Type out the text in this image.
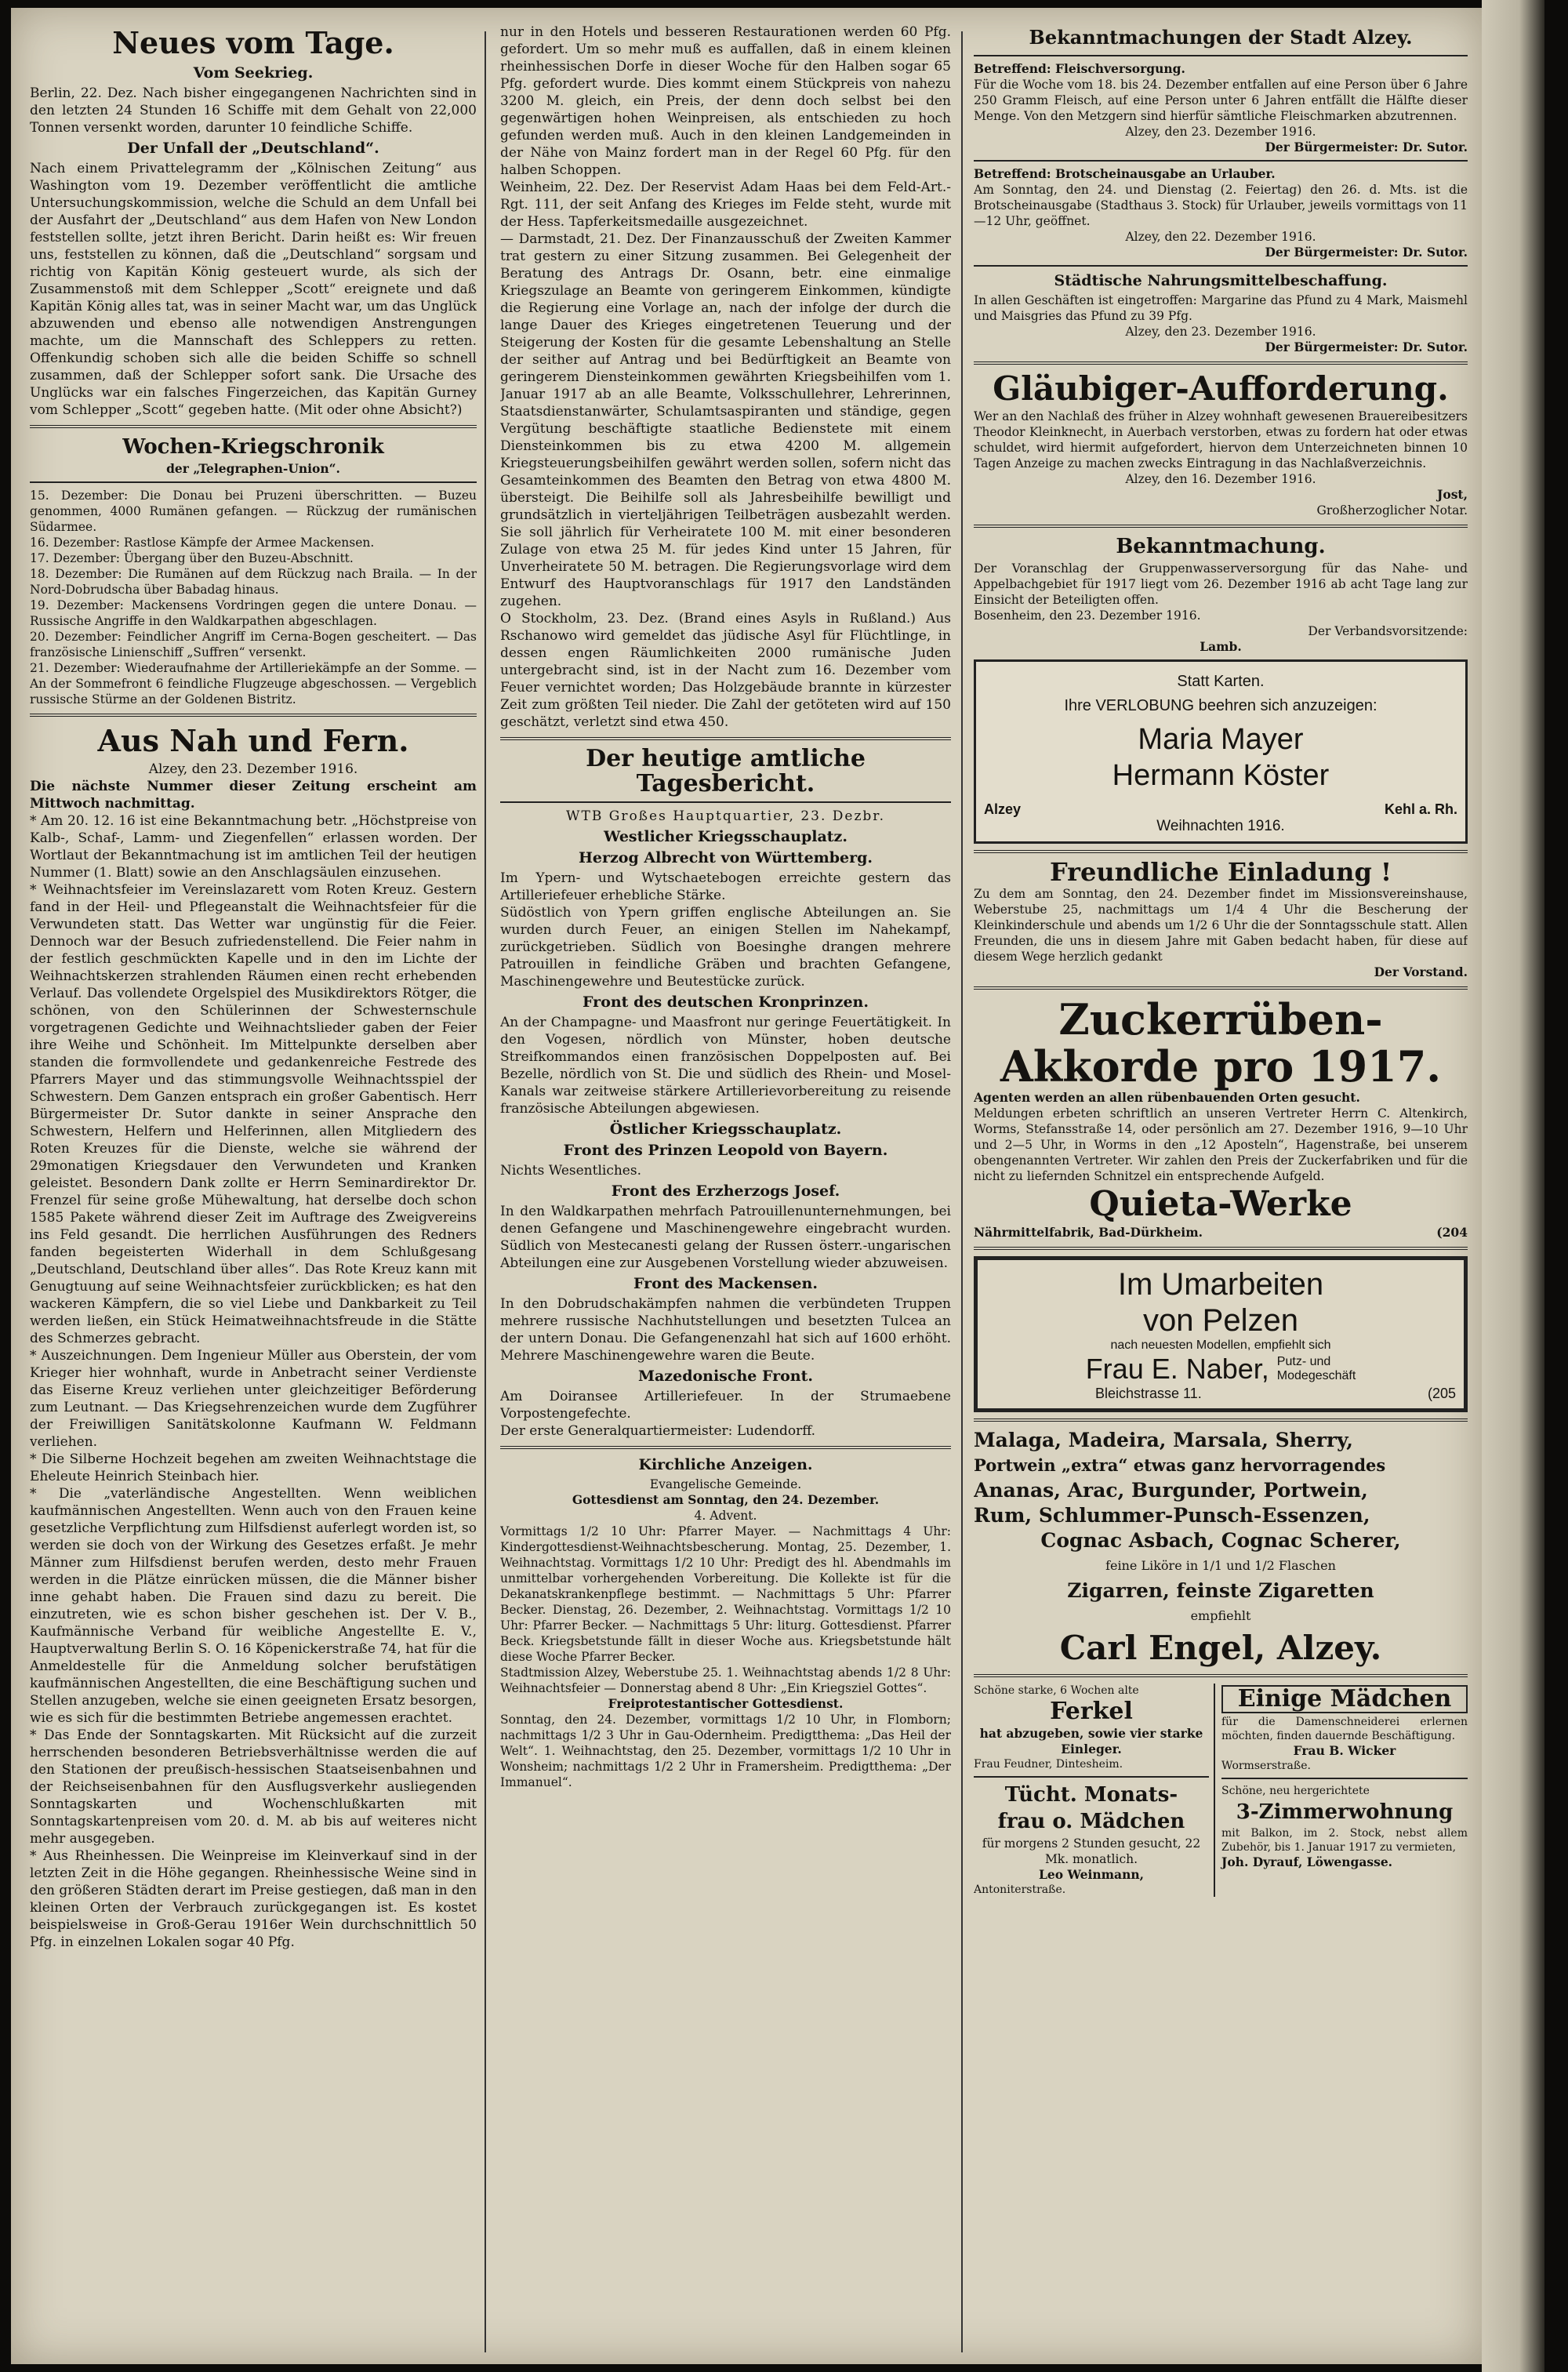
Neues vom Tage.
Vom Seekrieg.

Berlin, 22. Dez. Nach bisher eingegangenen Nachrichten sind in den letzten 24 Stunden 16 Schiffe mit dem Gehalt von 22,000 Tonnen versenkt worden, darunter 10 feindliche Schiffe.

Der Unfall der „Deutschland“.

Nach einem Privattelegramm der „Kölnischen Zeitung“ aus Washington vom 19. Dezember veröffentlicht die amtliche Untersuchungskommission, welche die Schuld an dem Unfall bei der Ausfahrt der „Deutschland“ aus dem Hafen von New London feststellen sollte, jetzt ihren Bericht. Darin heißt es: Wir freuen uns, feststellen zu können, daß die „Deutschland“ sorgsam und richtig von Kapitän König gesteuert wurde, als sich der Zusammenstoß mit dem Schlepper „Scott“ ereignete und daß Kapitän König alles tat, was in seiner Macht war, um das Unglück abzuwenden und ebenso alle notwendigen Anstrengungen machte, um die Mannschaft des Schleppers zu retten. Offenkundig schoben sich alle die beiden Schiffe so schnell zusammen, daß der Schlepper sofort sank. Die Ursache des Unglücks war ein falsches Fingerzeichen, das Kapitän Gurney vom Schlepper „Scott“ gegeben hatte. (Mit oder ohne Absicht?)

Wochen-Kriegschronik
der „Telegraphen-Union“.

15. Dezember: Die Donau bei Pruzeni überschritten. — Buzeu genommen, 4000 Rumänen gefangen. — Rückzug der rumänischen Südarmee.

16. Dezember: Rastlose Kämpfe der Armee Mackensen.

17. Dezember: Übergang über den Buzeu-Abschnitt.

18. Dezember: Die Rumänen auf dem Rückzug nach Braila. — In der Nord-Dobrudscha über Babadag hinaus.

19. Dezember: Mackensens Vordringen gegen die untere Donau. — Russische Angriffe in den Waldkarpathen abgeschlagen.

20. Dezember: Feindlicher Angriff im Cerna-Bogen gescheitert. — Das französische Linienschiff „Suffren“ versenkt.

21. Dezember: Wiederaufnahme der Artilleriekämpfe an der Somme. — An der Sommefront 6 feindliche Flugzeuge abgeschossen. — Vergeblich russische Stürme an der Goldenen Bistritz.

Aus Nah und Fern.
Alzey, den 23. Dezember 1916.

Die nächste Nummer dieser Zeitung erscheint am Mittwoch nachmittag.

* Am 20. 12. 16 ist eine Bekanntmachung betr. „Höchstpreise von Kalb-, Schaf-, Lamm- und Ziegenfellen“ erlassen worden. Der Wortlaut der Bekanntmachung ist im amtlichen Teil der heutigen Nummer (1. Blatt) sowie an den Anschlagsäulen einzusehen.

* Weihnachtsfeier im Vereinslazarett vom Roten Kreuz. Gestern fand in der Heil- und Pflegeanstalt die Weihnachtsfeier für die Verwundeten statt. Das Wetter war ungünstig für die Feier. Dennoch war der Besuch zufriedenstellend. Die Feier nahm in der festlich geschmückten Kapelle und in den im Lichte der Weihnachtskerzen strahlenden Räumen einen recht erhebenden Verlauf. Das vollendete Orgelspiel des Musikdirektors Rötger, die schönen, von den Schülerinnen der Schwesternschule vorgetragenen Gedichte und Weihnachtslieder gaben der Feier ihre Weihe und Schönheit. Im Mittelpunkte derselben aber standen die formvollendete und gedankenreiche Festrede des Pfarrers Mayer und das stimmungsvolle Weihnachtsspiel der Schwestern. Dem Ganzen entsprach ein großer Gabentisch. Herr Bürgermeister Dr. Sutor dankte in seiner Ansprache den Schwestern, Helfern und Helferinnen, allen Mitgliedern des Roten Kreuzes für die Dienste, welche sie während der 29monatigen Kriegsdauer den Verwundeten und Kranken geleistet. Besondern Dank zollte er Herrn Seminardirektor Dr. Frenzel für seine große Mühewaltung, hat derselbe doch schon 1585 Pakete während dieser Zeit im Auftrage des Zweigvereins ins Feld gesandt. Die herrlichen Ausführungen des Redners fanden begeisterten Widerhall in dem Schlußgesang „Deutschland, Deutschland über alles“. Das Rote Kreuz kann mit Genugtuung auf seine Weihnachtsfeier zurückblicken; es hat den wackeren Kämpfern, die so viel Liebe und Dankbarkeit zu Teil werden ließen, ein Stück Heimatweihnachtsfreude in die Stätte des Schmerzes gebracht.

* Auszeichnungen. Dem Ingenieur Müller aus Oberstein, der vom Krieger hier wohnhaft, wurde in Anbetracht seiner Verdienste das Eiserne Kreuz verliehen unter gleichzeitiger Beförderung zum Leutnant. — Das Kriegsehrenzeichen wurde dem Zugführer der Freiwilligen Sanitätskolonne Kaufmann W. Feldmann verliehen.

* Die Silberne Hochzeit begehen am zweiten Weihnachtstage die Eheleute Heinrich Steinbach hier.

* Die „vaterländische Angestellten. Wenn weiblichen kaufmännischen Angestellten. Wenn auch von den Frauen keine gesetzliche Verpflichtung zum Hilfsdienst auferlegt worden ist, so werden sie doch von der Wirkung des Gesetzes erfaßt. Je mehr Männer zum Hilfsdienst berufen werden, desto mehr Frauen werden in die Plätze einrücken müssen, die die Männer bisher inne gehabt haben. Die Frauen sind dazu zu bereit. Die einzutreten, wie es schon bisher geschehen ist. Der V. B., Kaufmännische Verband für weibliche Angestellte E. V., Hauptverwaltung Berlin S. O. 16 Köpenickerstraße 74, hat für die Anmeldestelle für die Anmeldung solcher berufstätigen kaufmännischen Angestellten, die eine Beschäftigung suchen und Stellen anzugeben, welche sie einen geeigneten Ersatz besorgen, wie es sich für die bestimmten Betriebe angemessen erachtet.

* Das Ende der Sonntagskarten. Mit Rücksicht auf die zurzeit herrschenden besonderen Betriebsverhältnisse werden die auf den Stationen der preußisch-hessischen Staatseisenbahnen und der Reichseisenbahnen für den Ausflugsverkehr ausliegenden Sonntagskarten und Wochenschlußkarten mit Sonntagskartenpreisen vom 20. d. M. ab bis auf weiteres nicht mehr ausgegeben.

* Aus Rheinhessen. Die Weinpreise im Kleinverkauf sind in der letzten Zeit in die Höhe gegangen. Rheinhessische Weine sind in den größeren Städten derart im Preise gestiegen, daß man in den kleinen Orten der Verbrauch zurückgegangen ist. Es kostet beispielsweise in Groß-Gerau 1916er Wein durchschnittlich 50 Pfg. in einzelnen Lokalen sogar 40 Pfg.

nur in den Hotels und besseren Restaurationen werden 60 Pfg. gefordert. Um so mehr muß es auffallen, daß in einem kleinen rheinhessischen Dorfe in dieser Woche für den Halben sogar 65 Pfg. gefordert wurde. Dies kommt einem Stückpreis von nahezu 3200 M. gleich, ein Preis, der denn doch selbst bei den gegenwärtigen hohen Weinpreisen, als entschieden zu hoch gefunden werden muß. Auch in den kleinen Landgemeinden in der Nähe von Mainz fordert man in der Regel 60 Pfg. für den halben Schoppen.

Weinheim, 22. Dez. Der Reservist Adam Haas bei dem Feld-Art.-Rgt. 111, der seit Anfang des Krieges im Felde steht, wurde mit der Hess. Tapferkeitsmedaille ausgezeichnet.

— Darmstadt, 21. Dez. Der Finanzausschuß der Zweiten Kammer trat gestern zu einer Sitzung zusammen. Bei Gelegenheit der Beratung des Antrags Dr. Osann, betr. eine einmalige Kriegszulage an Beamte von geringerem Einkommen, kündigte die Regierung eine Vorlage an, nach der infolge der durch die lange Dauer des Krieges eingetretenen Teuerung und der Steigerung der Kosten für die gesamte Lebenshaltung an Stelle der seither auf Antrag und bei Bedürftigkeit an Beamte von geringerem Diensteinkommen gewährten Kriegsbeihilfen vom 1. Januar 1917 ab an alle Beamte, Volksschullehrer, Lehrerinnen, Staatsdienstanwärter, Schulamtsaspiranten und ständige, gegen Vergütung beschäftigte staatliche Bedienstete mit einem Diensteinkommen bis zu etwa 4200 M. allgemein Kriegsteuerungsbeihilfen gewährt werden sollen, sofern nicht das Gesamteinkommen des Beamten den Betrag von etwa 4800 M. übersteigt. Die Beihilfe soll als Jahresbeihilfe bewilligt und grundsätzlich in vierteljährigen Teilbeträgen ausbezahlt werden. Sie soll jährlich für Verheiratete 100 M. mit einer besonderen Zulage von etwa 25 M. für jedes Kind unter 15 Jahren, für Unverheiratete 50 M. betragen. Die Regierungsvorlage wird dem Entwurf des Hauptvoranschlags für 1917 den Landständen zugehen.

O Stockholm, 23. Dez. (Brand eines Asyls in Rußland.) Aus Rschanowo wird gemeldet das jüdische Asyl für Flüchtlinge, in dessen engen Räumlichkeiten 2000 rumänische Juden untergebracht sind, ist in der Nacht zum 16. Dezember vom Feuer vernichtet worden; Das Holzgebäude brannte in kürzester Zeit zum größten Teil nieder. Die Zahl der getöteten wird auf 150 geschätzt, verletzt sind etwa 450.

Der heutige amtliche Tagesbericht.
WTB Großes Hauptquartier, 23. Dezbr.
Westlicher Kriegsschauplatz.
Herzog Albrecht von Württemberg.

Im Ypern- und Wytschaetebogen erreichte gestern das Artilleriefeuer erhebliche Stärke.

Südöstlich von Ypern griffen englische Abteilungen an. Sie wurden durch Feuer, an einigen Stellen im Nahekampf, zurückgetrieben. Südlich von Boesinghe drangen mehrere Patrouillen in feindliche Gräben und brachten Gefangene, Maschinengewehre und Beutestücke zurück.

Front des deutschen Kronprinzen.

An der Champagne- und Maasfront nur geringe Feuertätigkeit. In den Vogesen, nördlich von Münster, hoben deutsche Streifkommandos einen französischen Doppelposten auf. Bei Bezelle, nördlich von St. Die und südlich des Rhein- und Mosel-Kanals war zeitweise stärkere Artillerievorbereitung zu reisende französische Abteilungen abgewiesen.

Östlicher Kriegsschauplatz.
Front des Prinzen Leopold von Bayern.

Nichts Wesentliches.

Front des Erzherzogs Josef.

In den Waldkarpathen mehrfach Patrouillenunternehmungen, bei denen Gefangene und Maschinengewehre eingebracht wurden. Südlich von Mestecanesti gelang der Russen österr.-ungarischen Abteilungen eine zur Ausgebenen Vorstellung wieder abzuweisen.

Front des Mackensen.

In den Dobrudschakämpfen nahmen die verbündeten Truppen mehrere russische Nachhutstellungen und besetzten Tulcea an der untern Donau. Die Gefangenenzahl hat sich auf 1600 erhöht. Mehrere Maschinengewehre waren die Beute.

Mazedonische Front.

Am Doiransee Artilleriefeuer. In der Strumaebene Vorpostengefechte.

Der erste Generalquartiermeister: Ludendorff.

Kirchliche Anzeigen.
Evangelische Gemeinde.
Gottesdienst am Sonntag, den 24. Dezember.
4. Advent.

Vormittags 1/2 10 Uhr: Pfarrer Mayer. — Nachmittags 4 Uhr: Kindergottesdienst-Weihnachtsbescherung. Montag, 25. Dezember, 1. Weihnachtstag. Vormittags 1/2 10 Uhr: Predigt des hl. Abendmahls im unmittelbar vorhergehenden Vorbereitung. Die Kollekte ist für die Dekanatskrankenpflege bestimmt. — Nachmittags 5 Uhr: Pfarrer Becker. Dienstag, 26. Dezember, 2. Weihnachtstag. Vormittags 1/2 10 Uhr: Pfarrer Becker. — Nachmittags 5 Uhr: liturg. Gottesdienst. Pfarrer Beck. Kriegsbetstunde fällt in dieser Woche aus. Kriegsbetstunde hält diese Woche Pfarrer Becker.

Stadtmission Alzey, Weberstube 25. 1. Weihnachtstag abends 1/2 8 Uhr: Weihnachtsfeier — Donnerstag abend 8 Uhr: „Ein Kriegsziel Gottes“.

Freiprotestantischer Gottesdienst.

Sonntag, den 24. Dezember, vormittags 1/2 10 Uhr, in Flomborn; nachmittags 1/2 3 Uhr in Gau-Odernheim. Predigtthema: „Das Heil der Welt“. 1. Weihnachtstag, den 25. Dezember, vormittags 1/2 10 Uhr in Wonsheim; nachmittags 1/2 2 Uhr in Framersheim. Predigtthema: „Der Immanuel“.

Bekanntmachungen der Stadt Alzey.
Betreffend: Fleischversorgung.

Für die Woche vom 18. bis 24. Dezember entfallen auf eine Person über 6 Jahre 250 Gramm Fleisch, auf eine Person unter 6 Jahren entfällt die Hälfte dieser Menge. Von den Metzgern sind hierfür sämtliche Fleischmarken abzutrennen.

Alzey, den 23. Dezember 1916.
Der Bürgermeister: Dr. Sutor.
Betreffend: Brotscheinausgabe an Urlauber.

Am Sonntag, den 24. und Dienstag (2. Feiertag) den 26. d. Mts. ist die Brotscheinausgabe (Stadthaus 3. Stock) für Urlauber, jeweils vormittags von 11—12 Uhr, geöffnet.

Alzey, den 22. Dezember 1916.
Der Bürgermeister: Dr. Sutor.
Städtische Nahrungsmittelbeschaffung.

In allen Geschäften ist eingetroffen: Margarine das Pfund zu 4 Mark, Maismehl und Maisgries das Pfund zu 39 Pfg.

Alzey, den 23. Dezember 1916.
Der Bürgermeister: Dr. Sutor.
Gläubiger-Aufforderung.

Wer an den Nachlaß des früher in Alzey wohnhaft gewesenen Brauereibesitzers Theodor Kleinknecht, in Auerbach verstorben, etwas zu fordern hat oder etwas schuldet, wird hiermit aufgefordert, hiervon dem Unterzeichneten binnen 10 Tagen Anzeige zu machen zwecks Eintragung in das Nachlaßverzeichnis.

Alzey, den 16. Dezember 1916.
Jost,
Großherzoglicher Notar.
Bekanntmachung.

Der Voranschlag der Gruppenwasserversorgung für das Nahe- und Appelbachgebiet für 1917 liegt vom 26. Dezember 1916 ab acht Tage lang zur Einsicht der Beteiligten offen.

Bosenheim, den 23. Dezember 1916.
Der Verbandsvorsitzende:
Lamb.
Statt Karten.
Ihre VERLOBUNG beehren sich anzuzeigen:
Maria Mayer
Hermann Köster
Alzey	Kehl a. Rh.
Weihnachten 1916.
Freundliche Einladung !

Zu dem am Sonntag, den 24. Dezember findet im Missionsvereinshause, Weberstube 25, nachmittags um 1/4 4 Uhr die Bescherung der Kleinkinderschule und abends um 1/2 6 Uhr die der Sonntagsschule statt. Allen Freunden, die uns in diesem Jahre mit Gaben bedacht haben, für diese auf diesem Wege herzlich gedankt

Der Vorstand.
Zuckerrüben-
Akkorde pro 1917.

Agenten werden an allen rübenbauenden Orten gesucht.

Meldungen erbeten schriftlich an unseren Vertreter Herrn C. Altenkirch, Worms, Stefansstraße 14, oder persönlich am 27. Dezember 1916, 9—10 Uhr und 2—5 Uhr, in Worms in den „12 Aposteln“, Hagenstraße, bei unserem obengenannten Vertreter. Wir zahlen den Preis der Zuckerfabriken und für die nicht zu liefernden Schnitzel ein entsprechende Aufgeld.

Quieta-Werke
Nährmittelfabrik, Bad-Dürkheim.	(204
Im Umarbeiten
von Pelzen
nach neuesten Modellen, empfiehlt sich
Frau E. Naber, Putz- und
Modegeschäft
Bleichstrasse 11.	(205
Malaga, Madeira, Marsala, Sherry,
Portwein „extra“ etwas ganz hervorragendes
Ananas, Arac, Burgunder, Portwein,
Rum, Schlummer-Punsch-Essenzen,
Cognac Asbach, Cognac Scherer,
feine Liköre in 1/1 und 1/2 Flaschen
Zigarren, feinste Zigaretten
empfiehlt
Carl Engel, Alzey.
Schöne starke, 6 Wochen alte
Ferkel
hat abzugeben, sowie vier starke Einleger.
Frau Feudner, Dintesheim.
Tücht. Monats-
frau o. Mädchen
für morgens 2 Stunden gesucht, 22 Mk. monatlich.
Leo Weinmann,
Antoniterstraße.
Einige Mädchen
für die Damenschneiderei erlernen möchten, finden dauernde Beschäftigung.
Frau B. Wicker
Wormserstraße.
Schöne, neu hergerichtete
3-Zimmerwohnung
mit Balkon, im 2. Stock, nebst allem Zubehör, bis 1. Januar 1917 zu vermieten,
Joh. Dyrauf, Löwengasse.
